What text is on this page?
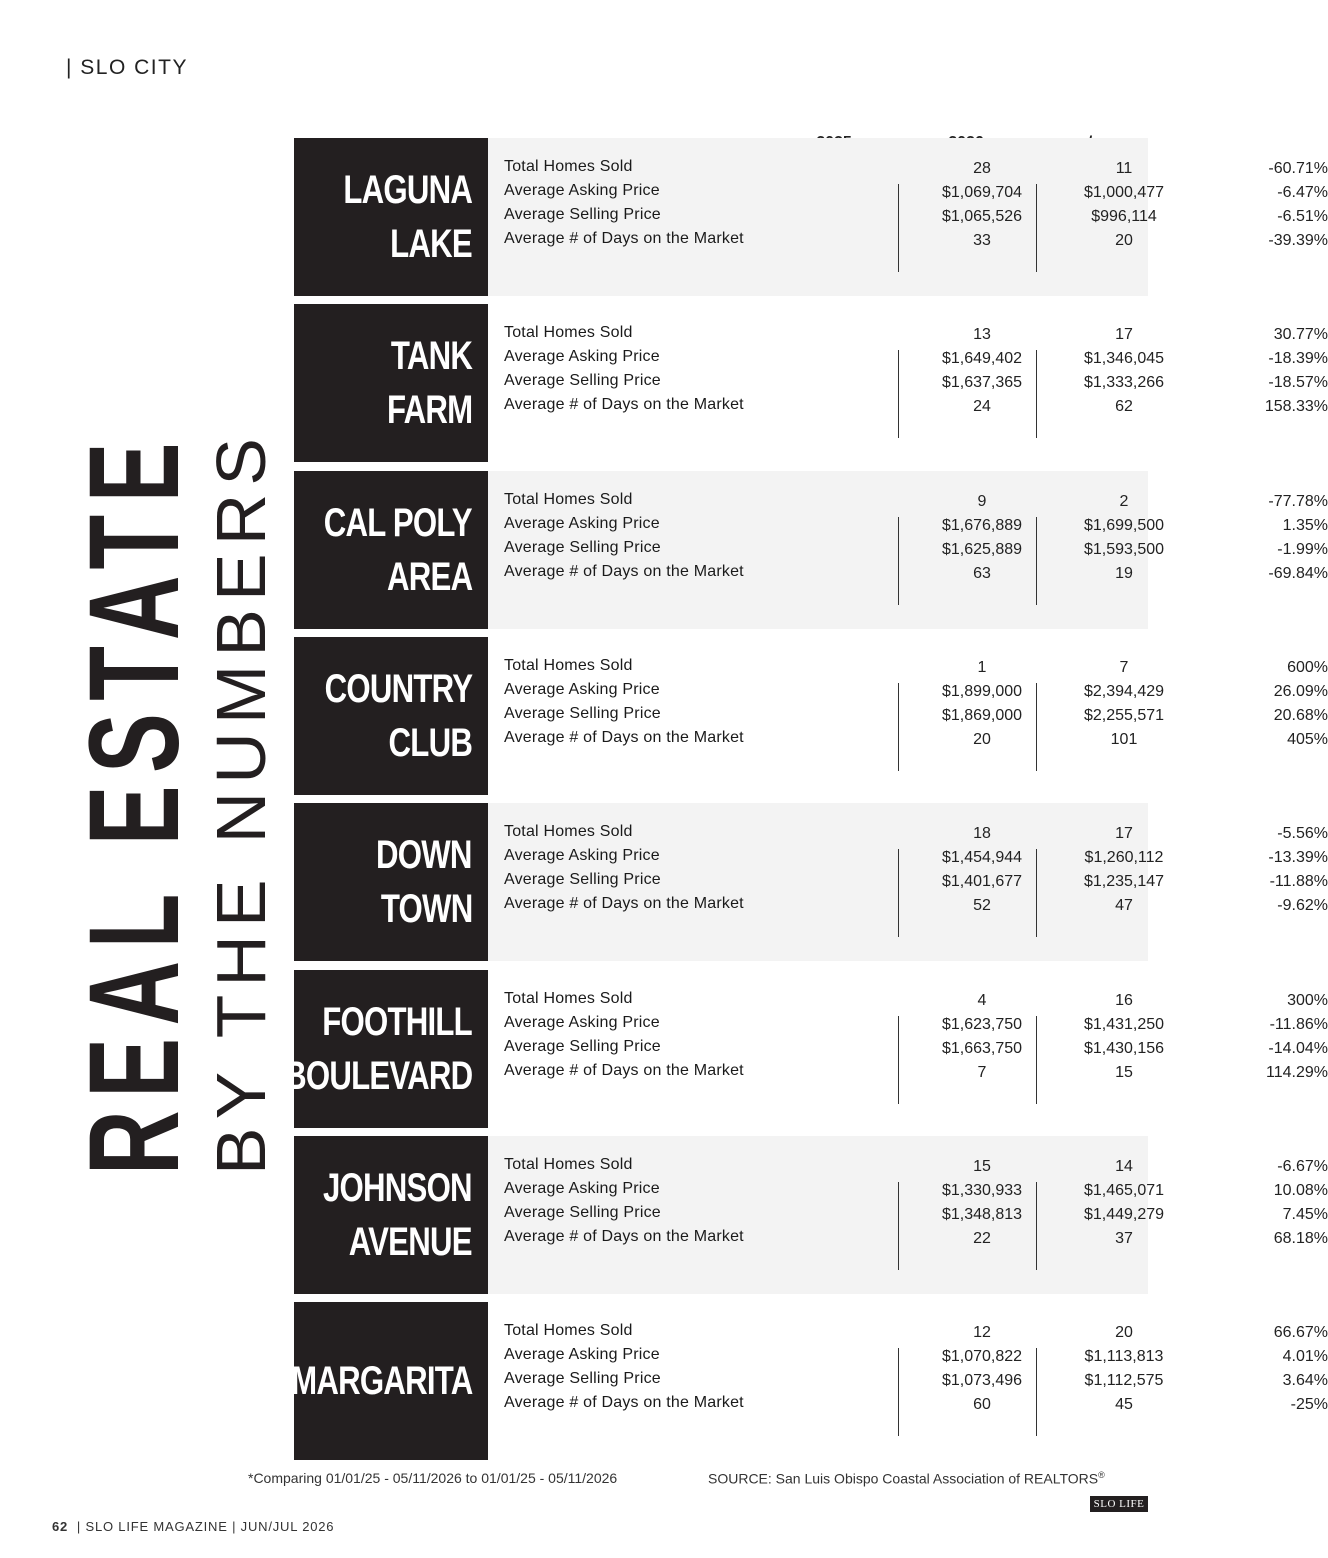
| SLO CITY
REAL ESTATE
BY THE NUMBERS
LAGUNA
LAKE
Total Homes Sold	28	11	-60.71%
Average Asking Price	$1,069,704	$1,000,477	-6.47%
Average Selling Price	$1,065,526	$996,114	-6.51%
Average # of Days on the Market	33	20	-39.39%
TANK
FARM
Total Homes Sold	13	17	30.77%
Average Asking Price	$1,649,402	$1,346,045	-18.39%
Average Selling Price	$1,637,365	$1,333,266	-18.57%
Average # of Days on the Market	24	62	158.33%
CAL POLY
AREA
Total Homes Sold	9	2	-77.78%
Average Asking Price	$1,676,889	$1,699,500	1.35%
Average Selling Price	$1,625,889	$1,593,500	-1.99%
Average # of Days on the Market	63	19	-69.84%
COUNTRY
CLUB
Total Homes Sold	1	7	600%
Average Asking Price	$1,899,000	$2,394,429	26.09%
Average Selling Price	$1,869,000	$2,255,571	20.68%
Average # of Days on the Market	20	101	405%
DOWN
TOWN
Total Homes Sold	18	17	-5.56%
Average Asking Price	$1,454,944	$1,260,112	-13.39%
Average Selling Price	$1,401,677	$1,235,147	-11.88%
Average # of Days on the Market	52	47	-9.62%
FOOTHILL
BOULEVARD
Total Homes Sold	4	16	300%
Average Asking Price	$1,623,750	$1,431,250	-11.86%
Average Selling Price	$1,663,750	$1,430,156	-14.04%
Average # of Days on the Market	7	15	114.29%
JOHNSON
AVENUE
Total Homes Sold	15	14	-6.67%
Average Asking Price	$1,330,933	$1,465,071	10.08%
Average Selling Price	$1,348,813	$1,449,279	7.45%
Average # of Days on the Market	22	37	68.18%
MARGARITA
Total Homes Sold	12	20	66.67%
Average Asking Price	$1,070,822	$1,113,813	4.01%
Average Selling Price	$1,073,496	$1,112,575	3.64%
Average # of Days on the Market	60	45	-25%
*Comparing 01/01/25 - 05/11/2026 to 01/01/25 - 05/11/2026	SOURCE: San Luis Obispo Coastal Association of REALTORS®
SLO LIFE
62 | SLO LIFE MAGAZINE | JUN/JUL 2026
